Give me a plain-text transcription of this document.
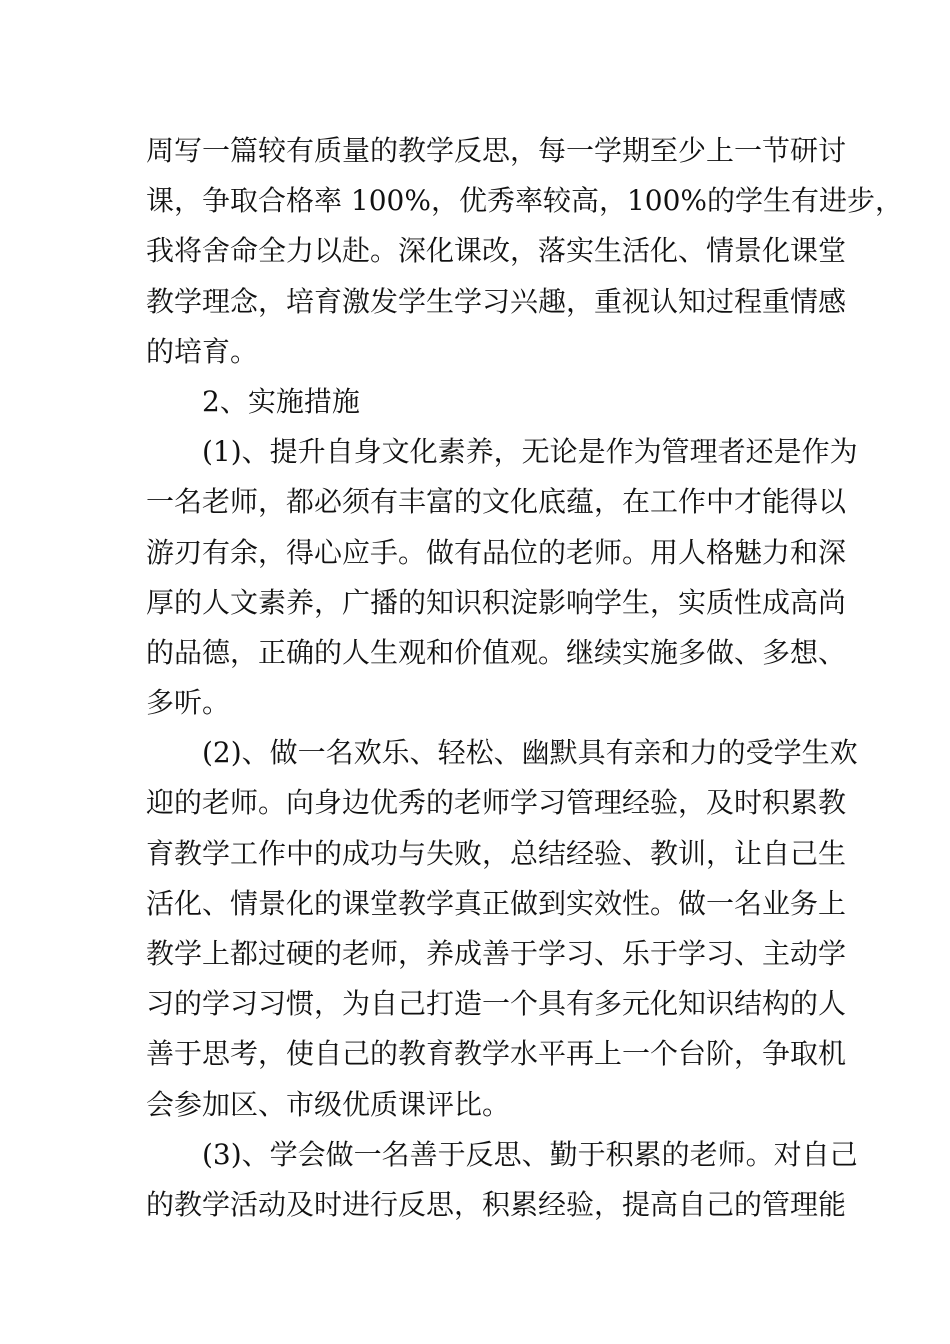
周写一篇较有质量的教学反思，每一学期至少上一节研讨
课，争取合格率 100%，优秀率较高，100%的学生有进步，
我将舍命全力以赴。深化课改，落实生活化、情景化课堂
教学理念，培育激发学生学习兴趣，重视认知过程重情感
的培育。
2、实施措施
(1)、提升自身文化素养，无论是作为管理者还是作为
一名老师，都必须有丰富的文化底蕴，在工作中才能得以
游刃有余，得心应手。做有品位的老师。用人格魅力和深
厚的人文素养，广播的知识积淀影响学生，实质性成高尚
的品德，正确的人生观和价值观。继续实施多做、多想、
多听。
(2)、做一名欢乐、轻松、幽默具有亲和力的受学生欢
迎的老师。向身边优秀的老师学习管理经验，及时积累教
育教学工作中的成功与失败，总结经验、教训，让自己生
活化、情景化的课堂教学真正做到实效性。做一名业务上
教学上都过硬的老师，养成善于学习、乐于学习、主动学
习的学习习惯，为自己打造一个具有多元化知识结构的人
善于思考，使自己的教育教学水平再上一个台阶，争取机
会参加区、市级优质课评比。
(3)、学会做一名善于反思、勤于积累的老师。对自己
的教学活动及时进行反思，积累经验，提高自己的管理能
